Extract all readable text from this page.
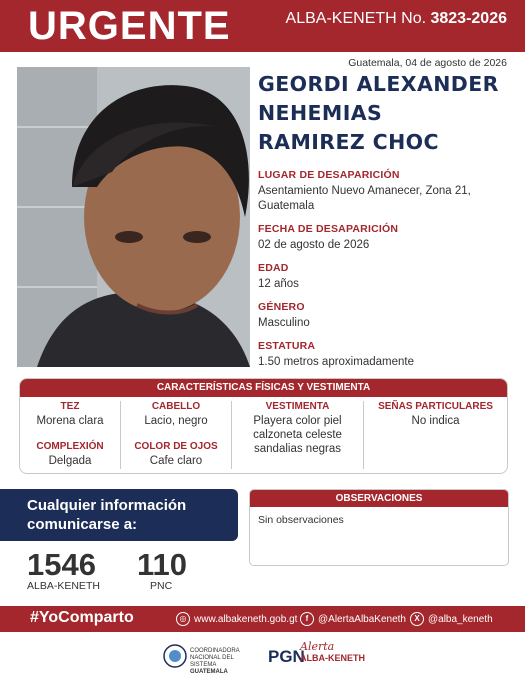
URGENTE	ALBA-KENETH No. 3823-2026
Guatemala, 04 de agosto de 2026
GEORDI ALEXANDER
NEHEMIAS
RAMIREZ CHOC
LUGAR DE DESAPARICIÓN
Asentamiento Nuevo Amanecer, Zona 21,
Guatemala
FECHA DE DESAPARICIÓN
02 de agosto de 2026
EDAD
12 años
GÉNERO
Masculino
ESTATURA
1.50 metros aproximadamente
CARACTERÍSTICAS FÍSICAS Y VESTIMENTA
TEZ
Morena clara
COMPLEXIÓN
Delgada
CABELLO
Lacio, negro
COLOR DE OJOS
Cafe claro
VESTIMENTA
Playera color piel
calzoneta celeste
sandalias negras
SEÑAS PARTICULARES
No indica
Cualquier información
comunicarse a:
1546
ALBA-KENETH
110
PNC
OBSERVACIONES
Sin observaciones
#YoComparto	◎ www.albakeneth.gob.gt	f @AlertaAlbaKeneth	X @alba_keneth
COORDINADORA NACIONAL DEL SISTEMA
GUATEMALA
PGN
Alerta
ALBA-KENETH
